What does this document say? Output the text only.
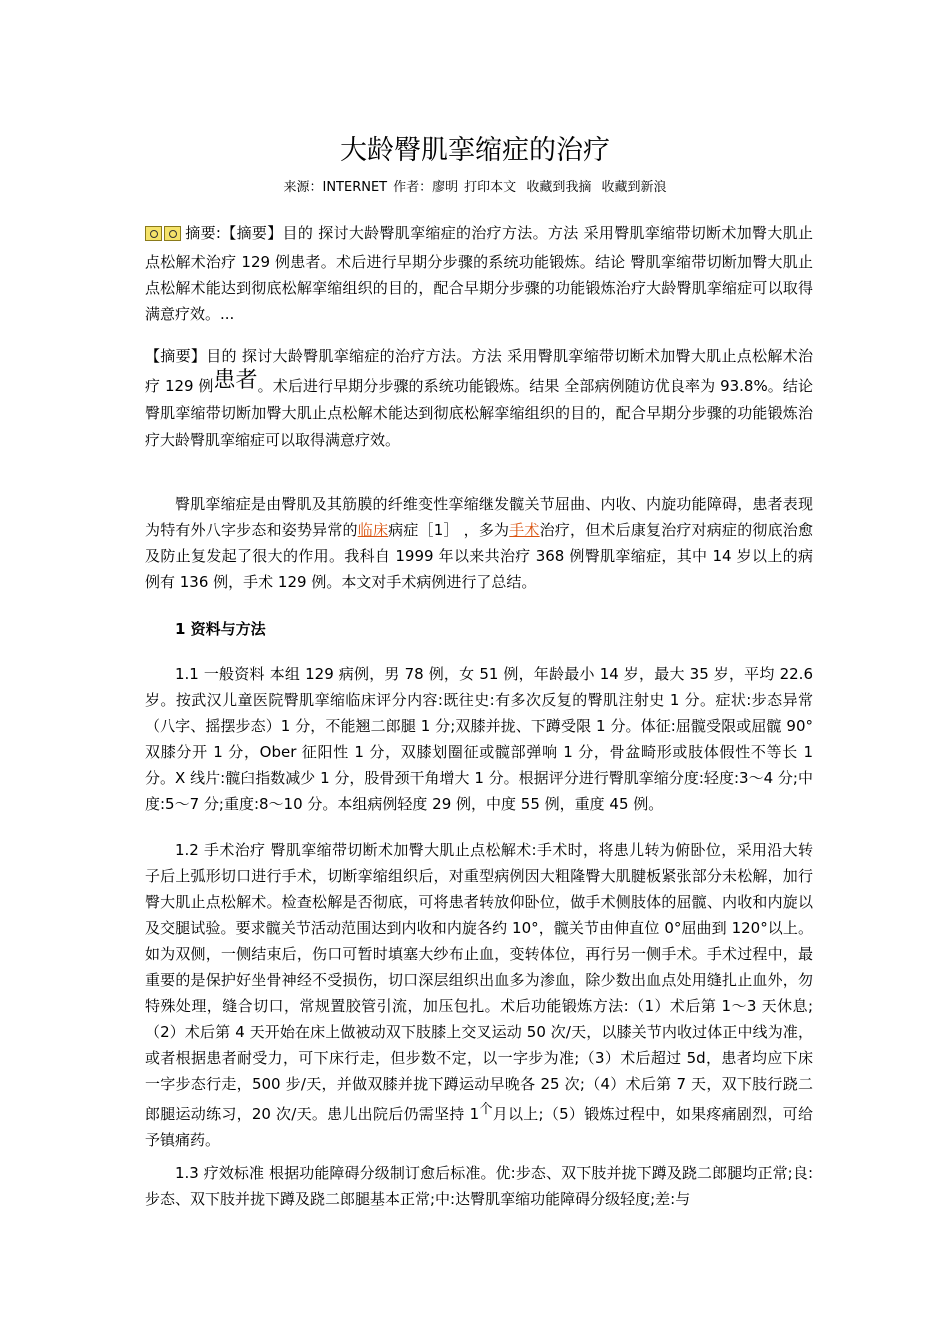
大龄臀肌挛缩症的治疗
来源：INTERNET 作者：廖明 打印本文 收藏到我摘 收藏到新浪

摘要:【摘要】目的 探讨大龄臀肌挛缩症的治疗方法。方法 采用臀肌挛缩带切断术加臀大肌止点松解术治疗 129 例患者。术后进行早期分步骤的系统功能锻炼。结论 臀肌挛缩带切断加臀大肌止点松解术能达到彻底松解挛缩组织的目的，配合早期分步骤的功能锻炼治疗大龄臀肌挛缩症可以取得满意疗效。...

【摘要】目的 探讨大龄臀肌挛缩症的治疗方法。方法 采用臀肌挛缩带切断术加臀大肌止点松解术治疗 129 例患者。术后进行早期分步骤的系统功能锻炼。结果 全部病例随访优良率为 93.8%。结论 臀肌挛缩带切断加臀大肌止点松解术能达到彻底松解挛缩组织的目的，配合早期分步骤的功能锻炼治疗大龄臀肌挛缩症可以取得满意疗效。

臀肌挛缩症是由臀肌及其筋膜的纤维变性挛缩继发髋关节屈曲、内收、内旋功能障碍，患者表现为特有外八字步态和姿势异常的临床病症［1］ ，多为手术治疗，但术后康复治疗对病症的彻底治愈及防止复发起了很大的作用。我科自 1999 年以来共治疗 368 例臀肌挛缩症，其中 14 岁以上的病例有 136 例，手术 129 例。本文对手术病例进行了总结。

1 资料与方法

1.1 一般资料 本组 129 病例，男 78 例，女 51 例，年龄最小 14 岁，最大 35 岁，平均 22.6 岁。按武汉儿童医院臀肌挛缩临床评分内容:既往史:有多次反复的臀肌注射史 1 分。症状:步态异常（八字、摇摆步态）1 分，不能翘二郎腿 1 分;双膝并拢、下蹲受限 1 分。体征:屈髋受限或屈髋 90°双膝分开 1 分，Ober 征阳性 1 分，双膝划圈征或髋部弹响 1 分，骨盆畸形或肢体假性不等长 1 分。X 线片:髋臼指数减少 1 分，股骨颈干角增大 1 分。根据评分进行臀肌挛缩分度:轻度:3～4 分;中度:5～7 分;重度:8～10 分。本组病例轻度 29 例，中度 55 例，重度 45 例。

1.2 手术治疗 臀肌挛缩带切断术加臀大肌止点松解术:手术时，将患儿转为俯卧位，采用沿大转子后上弧形切口进行手术，切断挛缩组织后，对重型病例因大粗隆臀大肌腱板紧张部分未松解，加行臀大肌止点松解术。检查松解是否彻底，可将患者转放仰卧位，做手术侧肢体的屈髋、内收和内旋以及交腿试验。要求髋关节活动范围达到内收和内旋各约 10°，髋关节由伸直位 0°屈曲到 120°以上。如为双侧，一侧结束后，伤口可暂时填塞大纱布止血，变转体位，再行另一侧手术。手术过程中，最重要的是保护好坐骨神经不受损伤，切口深层组织出血多为渗血，除少数出血点处用缝扎止血外，勿特殊处理，缝合切口，常规置胶管引流，加压包扎。术后功能锻炼方法:（1）术后第 1～3 天休息;（2）术后第 4 天开始在床上做被动双下肢膝上交叉运动 50 次/天，以膝关节内收过体正中线为准，或者根据患者耐受力，可下床行走，但步数不定，以一字步为准;（3）术后超过 5d，患者均应下床一字步态行走，500 步/天，并做双膝并拢下蹲运动早晚各 25 次;（4）术后第 7 天，双下肢行跷二郎腿运动练习，20 次/天。患儿出院后仍需坚持 1个月以上;（5）锻炼过程中，如果疼痛剧烈，可给予镇痛药。

1.3 疗效标准 根据功能障碍分级制订愈后标准。优:步态、双下肢并拢下蹲及跷二郎腿均正常;良:步态、双下肢并拢下蹲及跷二郎腿基本正常;中:达臀肌挛缩功能障碍分级轻度;差:与
